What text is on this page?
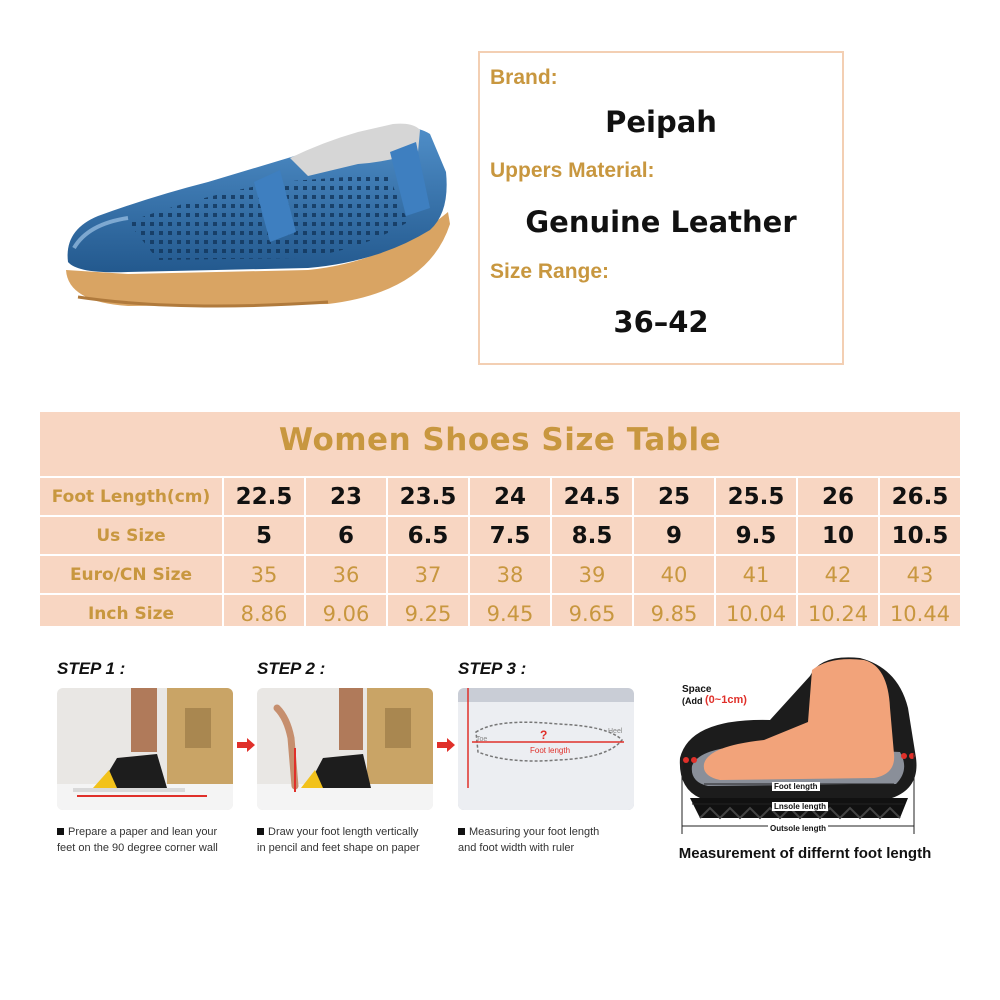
Brand:
Peipah
Uppers Material:
Genuine Leather
Size Range:
36–42
Women Shoes Size Table
Foot Length(cm)	22.5	23	23.5	24	24.5	25	25.5	26	26.5
Us Size	5	6	6.5	7.5	8.5	9	9.5	10	10.5
Euro/CN Size	35	36	37	38	39	40	41	42	43
Inch Size	8.86	9.06	9.25	9.45	9.65	9.85	10.04	10.24	10.44
STEP 1 :
Prepare a paper and lean your
feet on the 90 degree corner wall
STEP 2 :
Draw your foot length vertically
in pencil and feet shape on paper
STEP 3 :
?
Foot length
Toe
Heel
Measuring your foot length
and foot width with ruler
Space
(Add (0~1cm)
Foot length
Lnsole length
Outsole length
Measurement of differnt foot length
